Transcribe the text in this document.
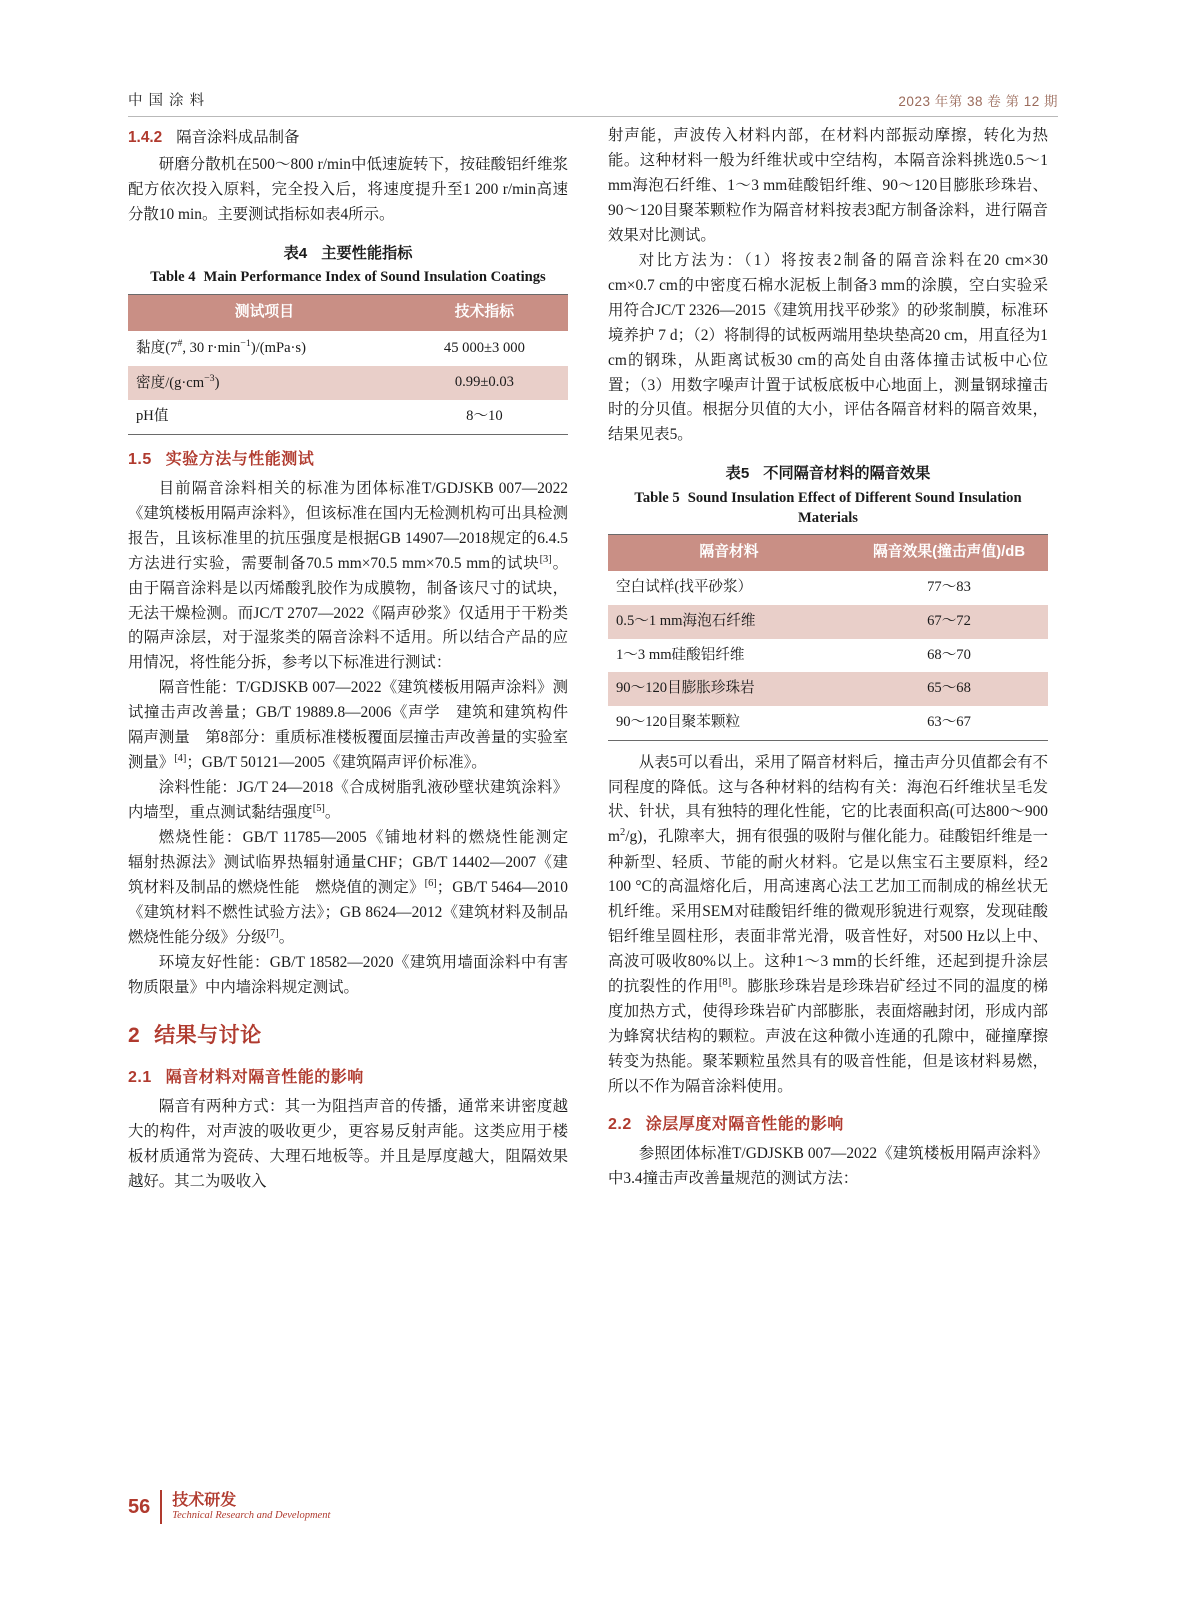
中 国 涂 料	2023 年第 38 卷 第 12 期
1.4.2 隔音涂料成品制备

研磨分散机在500～800 r/min中低速旋转下，按硅酸铝纤维浆配方依次投入原料，完全投入后，将速度提升至1 200 r/min高速分散10 min。主要测试指标如表4所示。

表4 主要性能指标
Table 4 Main Performance Index of Sound Insulation Coatings
测试项目	技术指标
黏度(7#, 30 $r\cdot\min^{-1})/(mPa\cdot s)$	45 000±3 000
密度$/(g\cdot cm^{-3})$	0.99±0.03
pH值	8～10
1.5 实验方法与性能测试

目前隔音涂料相关的标准为团体标准T/GDJSKB 007—2022《建筑楼板用隔声涂料》，但该标准在国内无检测机构可出具检测报告，且该标准里的抗压强度是根据GB 14907—2018规定的6.4.5方法进行实验，需要制备70.5 mm×70.5 mm×70.5 mm的试块[3]。由于隔音涂料是以丙烯酸乳胶作为成膜物，制备该尺寸的试块，无法干燥检测。而JC/T 2707—2022《隔声砂浆》仅适用于干粉类的隔声涂层，对于湿浆类的隔音涂料不适用。所以结合产品的应用情况，将性能分拆，参考以下标准进行测试：

隔音性能：T/GDJSKB 007—2022《建筑楼板用隔声涂料》测试撞击声改善量；GB/T 19889.8—2006《声学　建筑和建筑构件隔声测量　第8部分：重质标准楼板覆面层撞击声改善量的实验室测量》[4]；GB/T 50121—2005《建筑隔声评价标准》。

涂料性能：JG/T 24—2018《合成树脂乳液砂壁状建筑涂料》内墙型，重点测试黏结强度[5]。

燃烧性能：GB/T 11785—2005《铺地材料的燃烧性能测定　辐射热源法》测试临界热辐射通量CHF；GB/T 14402—2007《建筑材料及制品的燃烧性能　燃烧值的测定》[6]；GB/T 5464—2010《建筑材料不燃性试验方法》；GB 8624—2012《建筑材料及制品燃烧性能分级》分级[7]。

环境友好性能：GB/T 18582—2020《建筑用墙面涂料中有害物质限量》中内墙涂料规定测试。

2 结果与讨论
2.1 隔音材料对隔音性能的影响

隔音有两种方式：其一为阻挡声音的传播，通常来讲密度越大的构件，对声波的吸收更少，更容易反射声能。这类应用于楼板材质通常为瓷砖、大理石地板等。并且是厚度越大，阻隔效果越好。其二为吸收入

射声能，声波传入材料内部，在材料内部振动摩擦，转化为热能。这种材料一般为纤维状或中空结构，本隔音涂料挑选0.5～1 mm海泡石纤维、1～3 mm硅酸铝纤维、90～120目膨胀珍珠岩、90～120目聚苯颗粒作为隔音材料按表3配方制备涂料，进行隔音效果对比测试。

对比方法为：（1）将按表2制备的隔音涂料在20 cm×30 cm×0.7 cm的中密度石棉水泥板上制备3 mm的涂膜，空白实验采用符合JC/T 2326—2015《建筑用找平砂浆》的砂浆制膜，标准环境养护 7 d；（2）将制得的试板两端用垫块垫高20 cm，用直径为1 cm的钢珠，从距离试板30 cm的高处自由落体撞击试板中心位置；（3）用数字噪声计置于试板底板中心地面上，测量钢球撞击时的分贝值。根据分贝值的大小，评估各隔音材料的隔音效果，结果见表5。

表5 不同隔音材料的隔音效果
Table 5 Sound Insulation Effect of Different Sound Insulation Materials
隔音材料	隔音效果(撞击声值)/dB
空白试样(找平砂浆）	77～83
0.5～1 mm海泡石纤维	67～72
1～3 mm硅酸铝纤维	68～70
90～120目膨胀珍珠岩	65～68
90～120目聚苯颗粒	63～67

从表5可以看出，采用了隔音材料后，撞击声分贝值都会有不同程度的降低。这与各种材料的结构有关：海泡石纤维状呈毛发状、针状，具有独特的理化性能，它的比表面积高(可达800～900 $m^2/g$)，孔隙率大，拥有很强的吸附与催化能力。硅酸铝纤维是一种新型、轻质、节能的耐火材料。它是以焦宝石主要原料，经2 100 °C的高温熔化后，用高速离心法工艺加工而制成的棉丝状无机纤维。采用SEM对硅酸铝纤维的微观形貌进行观察，发现硅酸铝纤维呈圆柱形，表面非常光滑，吸音性好，对500 Hz以上中、高波可吸收80%以上。这种1～3 mm的长纤维，还起到提升涂层的抗裂性的作用[8]。膨胀珍珠岩是珍珠岩矿经过不同的温度的梯度加热方式，使得珍珠岩矿内部膨胀，表面熔融封闭，形成内部为蜂窝状结构的颗粒。声波在这种微小连通的孔隙中，碰撞摩擦转变为热能。聚苯颗粒虽然具有的吸音性能，但是该材料易燃，所以不作为隔音涂料使用。

2.2 涂层厚度对隔音性能的影响

参照团体标准T/GDJSKB 007—2022《建筑楼板用隔声涂料》中3.4撞击声改善量规范的测试方法：

56 技术研发
Technical Research and Development
